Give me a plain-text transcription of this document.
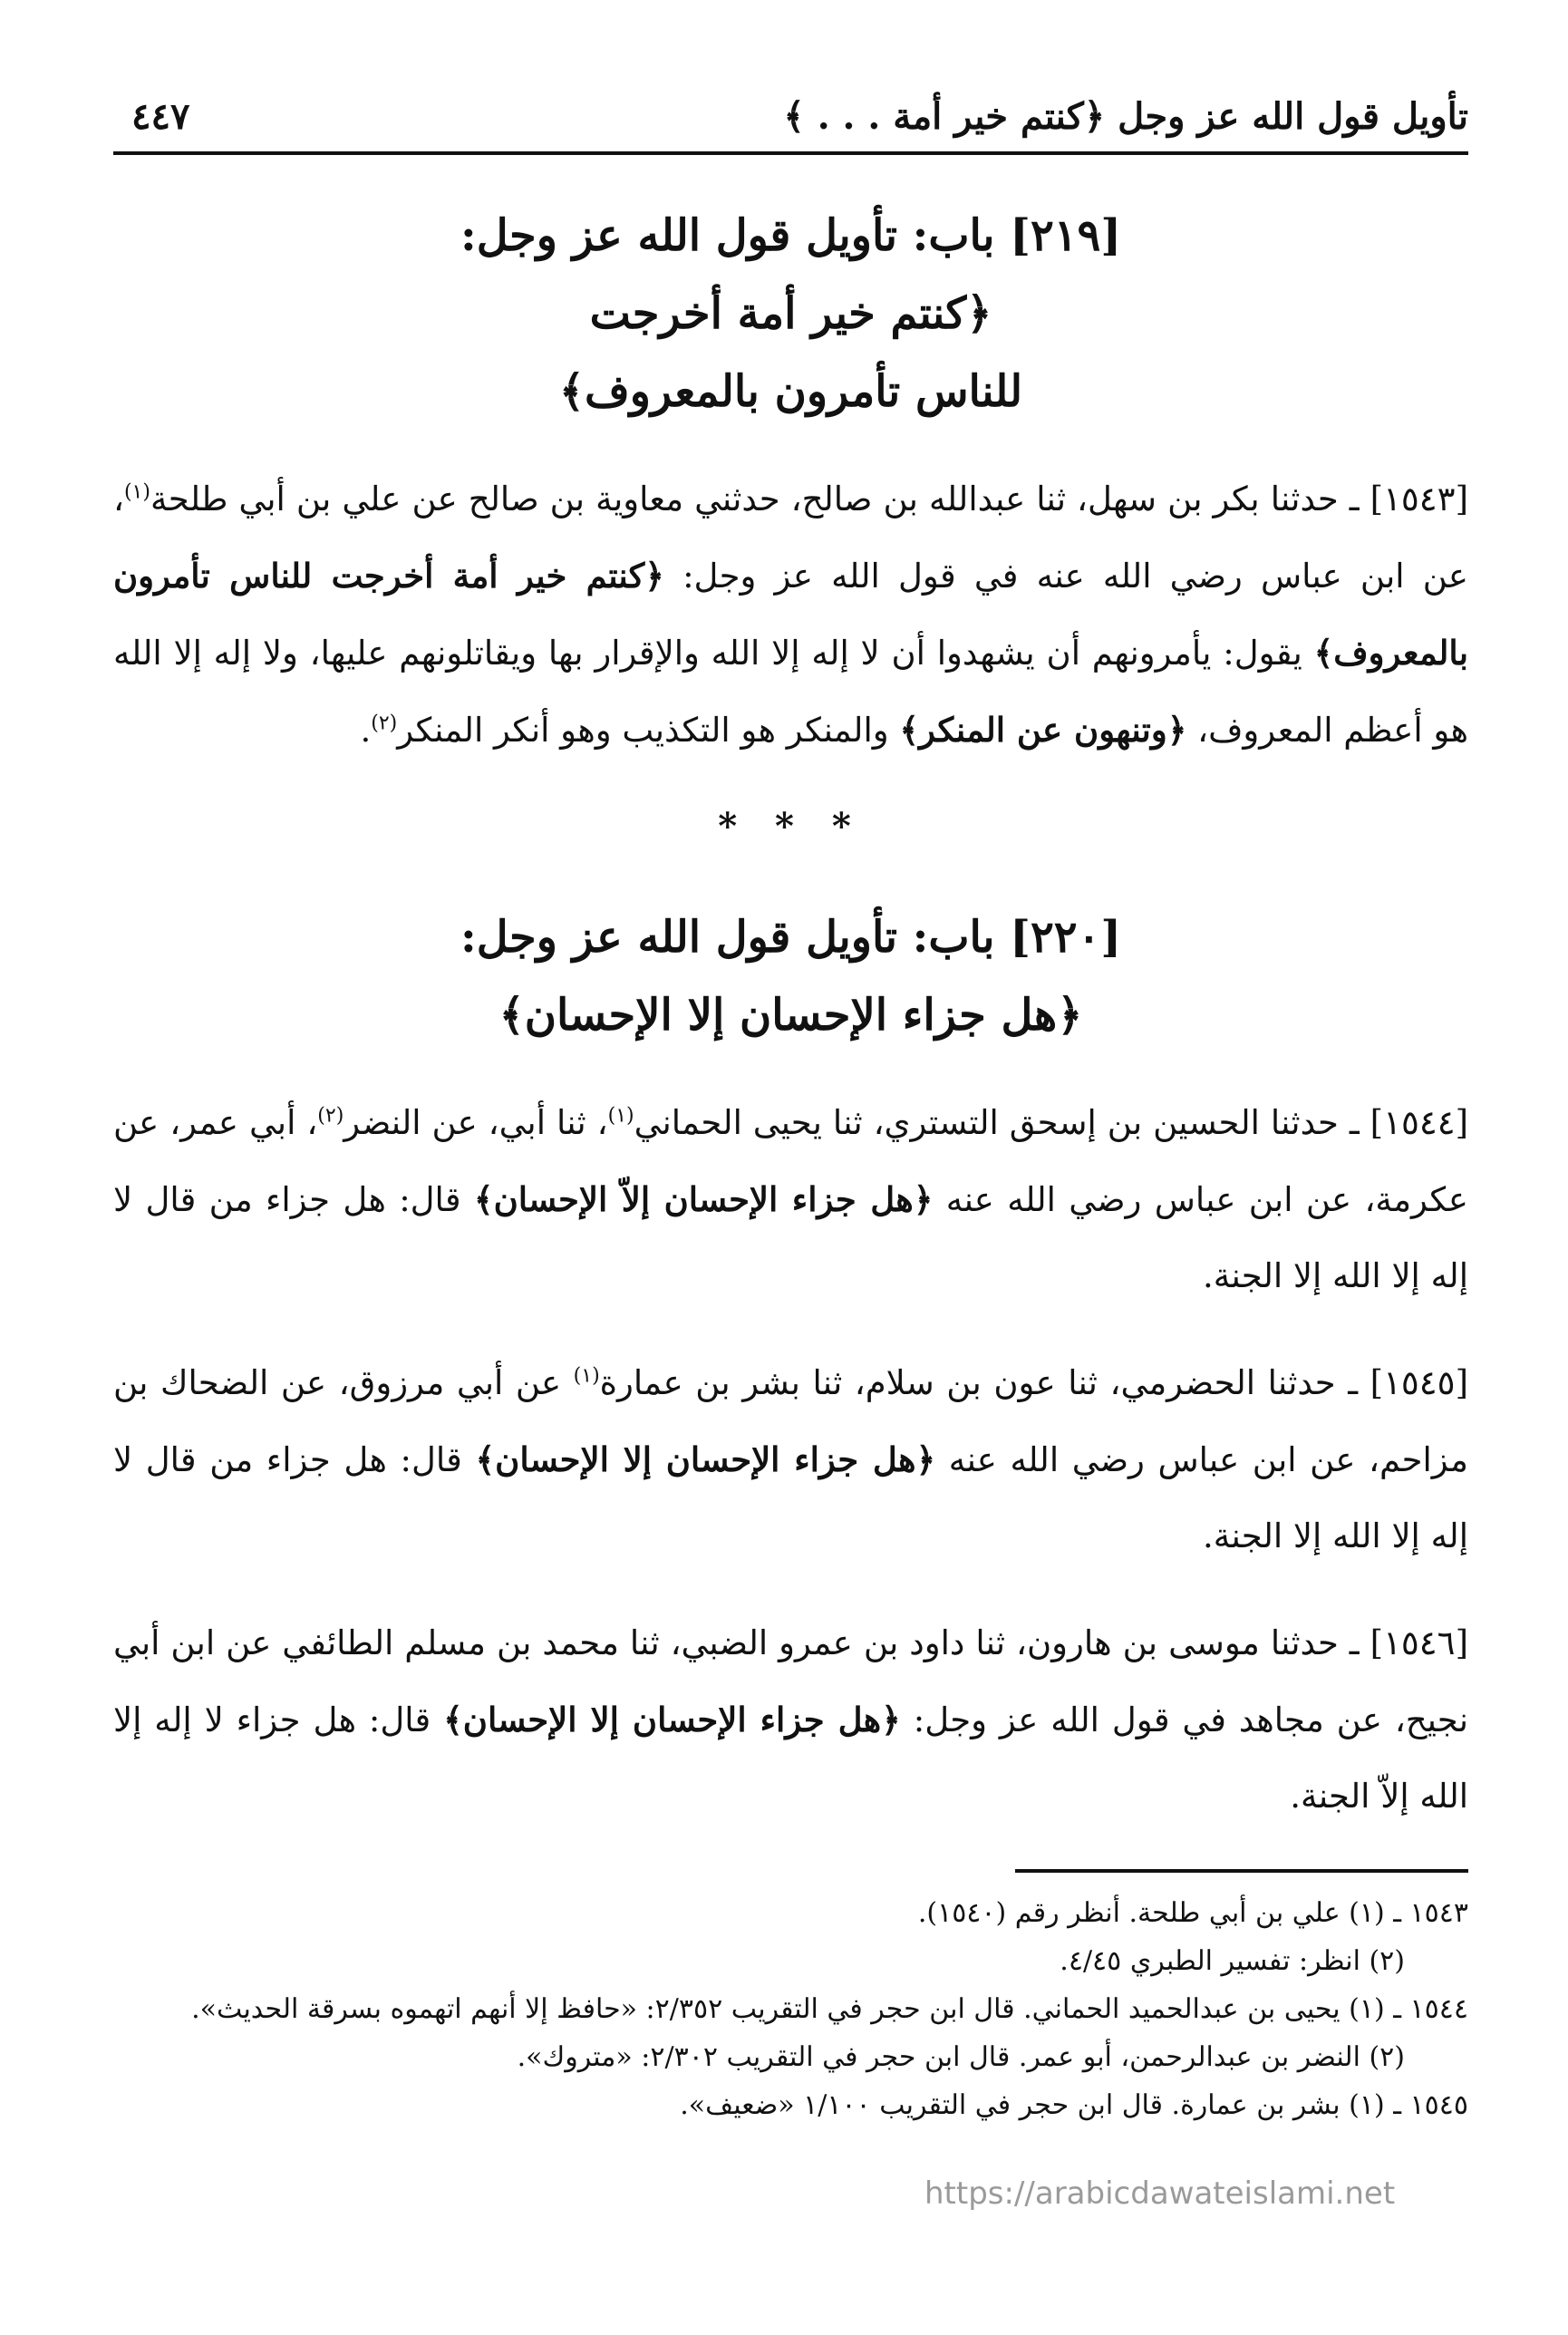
تأويل قول الله عز وجل ﴿كنتم خير أمة . . . ﴾
٤٤٧

[٢١٩] باب: تأويل قول الله عز وجل:

﴿كنتم خير أمة أخرجت

للناس تأمرون بالمعروف﴾

[١٥٤٣] ـ حدثنا بكر بن سهل، ثنا عبدالله بن صالح، حدثني معاوية بن صالح عن علي بن أبي طلحة$^{(١)}$، عن ابن عباس رضي الله عنه في قول الله عز وجل: ﴿كنتم خير أمة أخرجت للناس تأمرون بالمعروف﴾ يقول: يأمرونهم أن يشهدوا أن لا إله إلا الله والإقرار بها ويقاتلونهم عليها، ولا إله إلا الله هو أعظم المعروف، ﴿وتنهون عن المنكر﴾ والمنكر هو التكذيب وهو أنكر المنكر$^{(٢)}$.

* * *

[٢٢٠] باب: تأويل قول الله عز وجل:

﴿هل جزاء الإحسان إلا الإحسان﴾

[١٥٤٤] ـ حدثنا الحسين بن إسحق التستري، ثنا يحيى الحماني$^{(١)}$، ثنا أبي، عن النضر$^{(٢)}$، أبي عمر، عن عكرمة، عن ابن عباس رضي الله عنه ﴿هل جزاء الإحسان إلاّ الإحسان﴾ قال: هل جزاء من قال لا إله إلا الله إلا الجنة.

[١٥٤٥] ـ حدثنا الحضرمي، ثنا عون بن سلام، ثنا بشر بن عمارة$^{(١)}$ عن أبي مرزوق، عن الضحاك بن مزاحم، عن ابن عباس رضي الله عنه ﴿هل جزاء الإحسان إلا الإحسان﴾ قال: هل جزاء من قال لا إله إلا الله إلا الجنة.

[١٥٤٦] ـ حدثنا موسى بن هارون، ثنا داود بن عمرو الضبي، ثنا محمد بن مسلم الطائفي عن ابن أبي نجيح، عن مجاهد في قول الله عز وجل: ﴿هل جزاء الإحسان إلا الإحسان﴾ قال: هل جزاء لا إله إلا الله إلاّ الجنة.

١٥٤٣ ـ (١) علي بن أبي طلحة. أنظر رقم (١٥٤٠).

(٢) انظر: تفسير الطبري ٤/٤٥.

١٥٤٤ ـ (١) يحيى بن عبدالحميد الحماني. قال ابن حجر في التقريب ٢/٣٥٢: «حافظ إلا أنهم اتهموه بسرقة الحديث».

(٢) النضر بن عبدالرحمن، أبو عمر. قال ابن حجر في التقريب ٢/٣٠٢: «متروك».

١٥٤٥ ـ (١) بشر بن عمارة. قال ابن حجر في التقريب ١/١٠٠ «ضعيف».

https://arabicdawateislami.net
